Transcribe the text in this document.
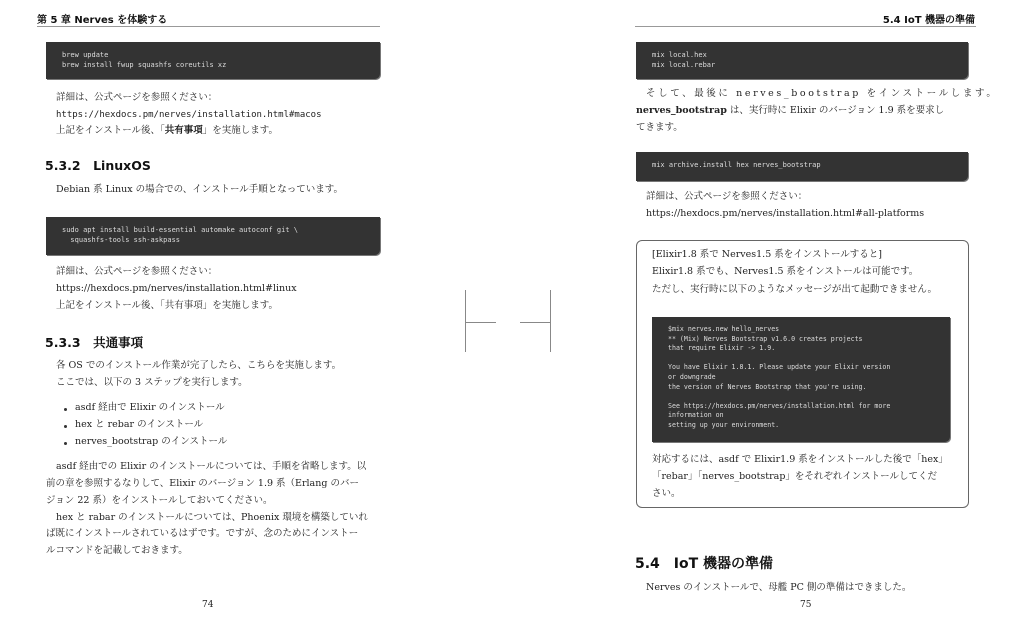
第 5 章 Nerves を体験する
brew update
brew install fwup squashfs coreutils xz
詳細は、公式ページを参照ください：
https://hexdocs.pm/nerves/installation.html#macos
上記をインストール後、「共有事項」を実施します。
5.3.2　LinuxOS
Debian 系 Linux の場合での、インストール手順となっています。
sudo apt install build-essential automake autoconf git \
squashfs-tools ssh-askpass
詳細は、公式ページを参照ください：
https://hexdocs.pm/nerves/installation.html#linux
上記をインストール後、「共有事項」を実施します。
5.3.3　共通事項
各 OS でのインストール作業が完了したら、こちらを実施します。
ここでは、以下の 3 ステップを実行します。
asdf 経由で Elixir のインストール
hex と rebar のインストール
nerves_bootstrap のインストール
asdf 経由での Elixir のインストールについては、手順を省略します。以
前の章を参照するなりして、Elixir のバージョン 1.9 系（Erlang のバー
ジョン 22 系）をインストールしておいてください。
hex と rabar のインストールについては、Phoenix 環境を構築していれ
ば既にインストールされているはずです。ですが、念のためにインストー
ルコマンドを記載しておきます。
74
5.4 IoT 機器の準備
mix local.hex
mix local.rebar
そして、最後に nerves_bootstrap をインストールします。
nerves_bootstrap は、実行時に Elixir のバージョン 1.9 系を要求し
てきます。
mix archive.install hex nerves_bootstrap
詳細は、公式ページを参照ください：
https://hexdocs.pm/nerves/installation.html#all-platforms
[Elixir1.8 系で Nerves1.5 系をインストールすると]
Elixir1.8 系でも、Nerves1.5 系をインストールは可能です。
ただし、実行時に以下のようなメッセージが出て起動できません。
$mix nerves.new hello_nerves
** (Mix) Nerves Bootstrap v1.6.0 creates projects
that require Elixir -> 1.9.

You have Elixir 1.8.1. Please update your Elixir version
or downgrade
the version of Nerves Bootstrap that you're using.

See https://hexdocs.pm/nerves/installation.html for more
information on
setting up your environment.
対応するには、asdf で Elixir1.9 系をインストールした後で「hex」
「rebar」「nerves_bootstrap」をそれぞれインストールしてくだ
さい。
5.4　IoT 機器の準備
Nerves のインストールで、母艦 PC 側の準備はできました。
75
